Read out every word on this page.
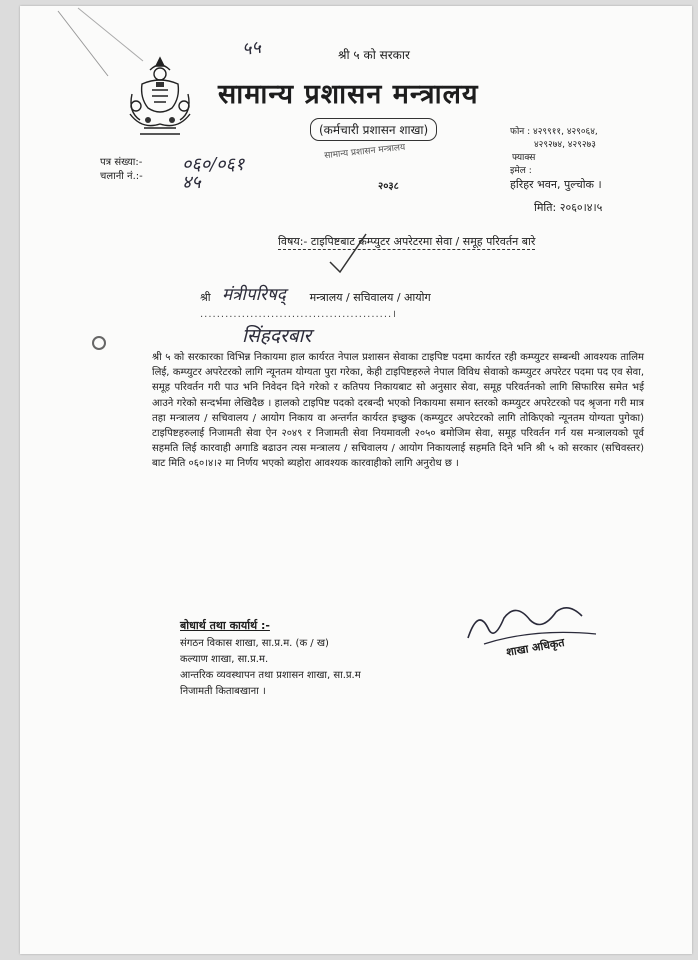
५५	श्री ५ को सरकार
सामान्य प्रशासन मन्त्रालय
(कर्मचारी प्रशासन शाखा)
सामान्य प्रशासन मन्त्रालय
२०३८
फोन : ४२९९११, ४२९०६४,
४२९२७४, ४२९२७३
फ्याक्स
इमेल :
हरिहर भवन, पुल्चोक ।
पत्र संख्या:-
चलानी नं.:-
०६०/०६१
४५
मिति: २०६०।४।५
विषय:- टाइपिष्टबाट कम्प्युटर अपरेटरमा सेवा / समूह परिवर्तन बारे
श्री	मन्त्रालय / सचिवालय / आयोग
मंत्रीपरिषद्
..............................................।
सिंहदरबार
श्री ५ को सरकारका विभिन्न निकायमा हाल कार्यरत नेपाल प्रशासन सेवाका टाइपिष्ट पदमा कार्यरत रही कम्प्युटर सम्बन्धी आवश्यक तालिम लिई, कम्प्युटर अपरेटरको लागि न्यूनतम योग्यता पुरा गरेका, केही टाइपिष्टहरुले नेपाल विविध सेवाको कम्प्युटर अपरेटर पदमा पद एव सेवा, समूह परिवर्तन गरी पाउ भनि निवेदन दिने गरेको र कतिपय निकायबाट सो अनुसार सेवा, समूह परिवर्तनको लागि सिफारिस समेत भई आउने गरेको सन्दर्भमा लेखिदैछ । हालको टाइपिष्ट पदको दरबन्दी भएको निकायमा समान स्तरको कम्प्युटर अपरेटरको पद श्रृजना गरी मात्र तहा मन्त्रालय / सचिवालय / आयोग निकाय वा अन्तर्गत कार्यरत इच्छुक (कम्प्युटर अपरेटरको लागि तोकिएको न्यूनतम योग्यता पुगेका) टाइपिष्टहरुलाई निजामती सेवा ऐन २०४९ र निजामती सेवा नियमावली २०५० बमोजिम सेवा, समूह परिवर्तन गर्न यस मन्त्रालयको पूर्व सहमति लिई कारवाही अगाडि बढाउन त्यस मन्त्रालय / सचिवालय / आयोग निकायलाई सहमति दिने भनि श्री ५ को सरकार (सचिवस्तर) बाट मिति ०६०।४।२ मा निर्णय भएको ब्यहोरा आवश्यक कारवाहीको लागि अनुरोध छ ।
शाखा अधिकृत
बोधार्थ तथा कार्यार्थ :-
संगठन विकास शाखा, सा.प्र.म. (क / ख)
कल्याण शाखा, सा.प्र.म.
आन्तरिक व्यवस्थापन तथा प्रशासन शाखा, सा.प्र.म
निजामती किताबखाना ।
